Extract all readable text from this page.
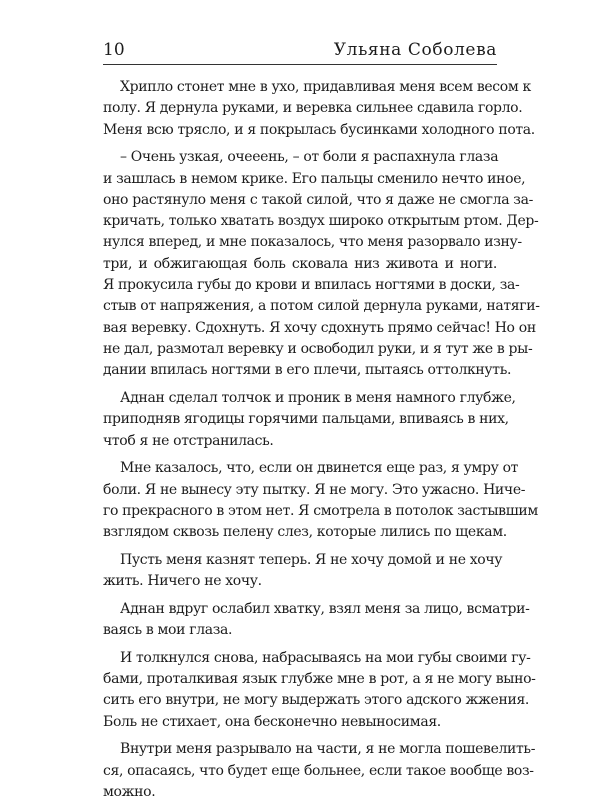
10	Ульяна Соболева

Хрипло стонет мне в ухо, придавливая меня всем весом к
полу. Я дернула руками, и веревка сильнее сдавила горло.
Меня всю трясло, и я покрылась бусинками холодного пота.

– Очень узкая, очееень, – от боли я распахнула глаза
и зашлась в немом крике. Его пальцы сменило нечто иное,
оно растянуло меня с такой силой, что я даже не смогла за-
кричать, только хватать воздух широко открытым ртом. Дер-
нулся вперед, и мне показалось, что меня разорвало изну-
три, и обжигающая боль сковала низ живота и ноги.
Я прокусила губы до крови и впилась ногтями в доски, за-
стыв от напряжения, а потом силой дернула руками, натяги-
вая веревку. Сдохнуть. Я хочу сдохнуть прямо сейчас! Но он
не дал, размотал веревку и освободил руки, и я тут же в ры-
дании впилась ногтями в его плечи, пытаясь оттолкнуть.

Аднан сделал толчок и проник в меня намного глубже,
приподняв ягодицы горячими пальцами, впиваясь в них,
чтоб я не отстранилась.

Мне казалось, что, если он двинется еще раз, я умру от
боли. Я не вынесу эту пытку. Я не могу. Это ужасно. Ниче-
го прекрасного в этом нет. Я смотрела в потолок застывшим
взглядом сквозь пелену слез, которые лились по щекам.

Пусть меня казнят теперь. Я не хочу домой и не хочу
жить. Ничего не хочу.

Аднан вдруг ослабил хватку, взял меня за лицо, всматри-
ваясь в мои глаза.

И толкнулся снова, набрасываясь на мои губы своими гу-
бами, проталкивая язык глубже мне в рот, а я не могу выно-
сить его внутри, не могу выдержать этого адского жжения.
Боль не стихает, она бесконечно невыносимая.

Внутри меня разрывало на части, я не могла пошевелить-
ся, опасаясь, что будет еще больнее, если такое вообще воз-
можно.
